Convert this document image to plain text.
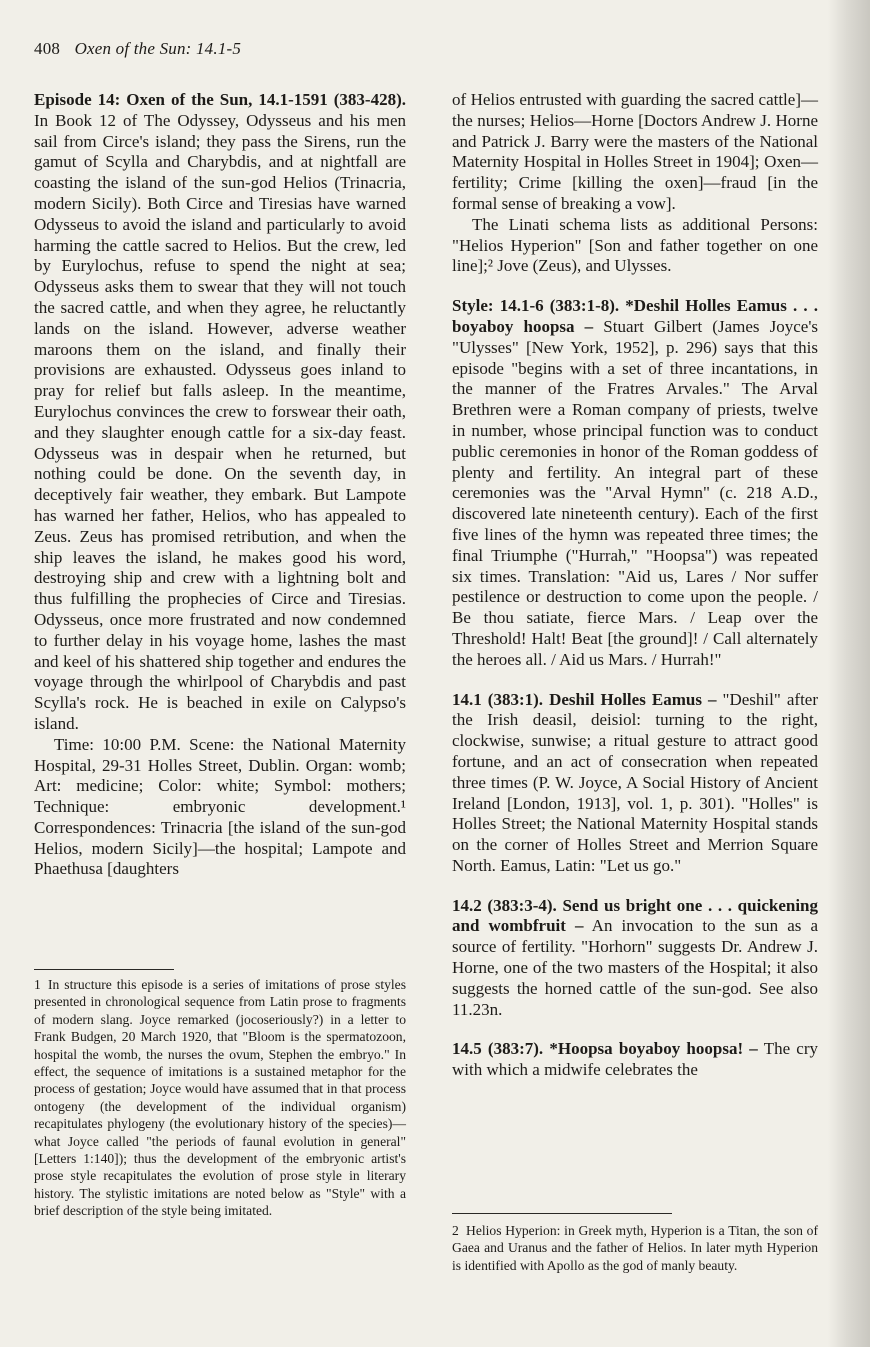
408 Oxen of the Sun: 14.1-5

Episode 14: Oxen of the Sun, 14.1-1591 (383-428). In Book 12 of The Odyssey, Odysseus and his men sail from Circe's island; they pass the Sirens, run the gamut of Scylla and Charybdis, and at nightfall are coasting the island of the sun-god Helios (Trinacria, modern Sicily). Both Circe and Tiresias have warned Odysseus to avoid the island and particularly to avoid harming the cattle sacred to Helios. But the crew, led by Eurylochus, refuse to spend the night at sea; Odysseus asks them to swear that they will not touch the sacred cattle, and when they agree, he reluctantly lands on the island. However, adverse weather maroons them on the island, and finally their provisions are exhausted. Odysseus goes inland to pray for relief but falls asleep. In the meantime, Eurylochus convinces the crew to forswear their oath, and they slaughter enough cattle for a six-day feast. Odysseus was in despair when he returned, but nothing could be done. On the seventh day, in deceptively fair weather, they embark. But Lampote has warned her father, Helios, who has appealed to Zeus. Zeus has promised retribution, and when the ship leaves the island, he makes good his word, destroying ship and crew with a lightning bolt and thus fulfilling the prophecies of Circe and Tiresias. Odysseus, once more frustrated and now condemned to further delay in his voyage home, lashes the mast and keel of his shattered ship together and endures the voyage through the whirlpool of Charybdis and past Scylla's rock. He is beached in exile on Calypso's island.

Time: 10:00 P.M. Scene: the National Maternity Hospital, 29-31 Holles Street, Dublin. Organ: womb; Art: medicine; Color: white; Symbol: mothers; Technique: embryonic development.¹ Correspondences: Trinacria [the island of the sun-god Helios, modern Sicily]—the hospital; Lampote and Phaethusa [daughters

of Helios entrusted with guarding the sacred cattle]—the nurses; Helios—Horne [Doctors Andrew J. Horne and Patrick J. Barry were the masters of the National Maternity Hospital in Holles Street in 1904]; Oxen—fertility; Crime [killing the oxen]—fraud [in the formal sense of breaking a vow].

The Linati schema lists as additional Persons: "Helios Hyperion" [Son and father together on one line];² Jove (Zeus), and Ulysses.

Style: 14.1-6 (383:1-8). *Deshil Holles Eamus . . . boyaboy hoopsa – Stuart Gilbert (James Joyce's "Ulysses" [New York, 1952], p. 296) says that this episode "begins with a set of three incantations, in the manner of the Fratres Arvales." The Arval Brethren were a Roman company of priests, twelve in number, whose principal function was to conduct public ceremonies in honor of the Roman goddess of plenty and fertility. An integral part of these ceremonies was the "Arval Hymn" (c. 218 A.D., discovered late nineteenth century). Each of the first five lines of the hymn was repeated three times; the final Triumphe ("Hurrah," "Hoopsa") was repeated six times. Translation: "Aid us, Lares / Nor suffer pestilence or destruction to come upon the people. / Be thou satiate, fierce Mars. / Leap over the Threshold! Halt! Beat [the ground]! / Call alternately the heroes all. / Aid us Mars. / Hurrah!"

14.1 (383:1). Deshil Holles Eamus – "Deshil" after the Irish deasil, deisiol: turning to the right, clockwise, sunwise; a ritual gesture to attract good fortune, and an act of consecration when repeated three times (P. W. Joyce, A Social History of Ancient Ireland [London, 1913], vol. 1, p. 301). "Holles" is Holles Street; the National Maternity Hospital stands on the corner of Holles Street and Merrion Square North. Eamus, Latin: "Let us go."

14.2 (383:3-4). Send us bright one . . . quickening and wombfruit – An invocation to the sun as a source of fertility. "Horhorn" suggests Dr. Andrew J. Horne, one of the two masters of the Hospital; it also suggests the horned cattle of the sun-god. See also 11.23n.

14.5 (383:7). *Hoopsa boyaboy hoopsa! – The cry with which a midwife celebrates the

1 In structure this episode is a series of imitations of prose styles presented in chronological sequence from Latin prose to fragments of modern slang. Joyce remarked (jocoseriously?) in a letter to Frank Budgen, 20 March 1920, that "Bloom is the spermatozoon, hospital the womb, the nurses the ovum, Stephen the embryo." In effect, the sequence of imitations is a sustained metaphor for the process of gestation; Joyce would have assumed that in that process ontogeny (the development of the individual organism) recapitulates phylogeny (the evolutionary history of the species)—what Joyce called "the periods of faunal evolution in general" [Letters 1:140]); thus the development of the embryonic artist's prose style recapitulates the evolution of prose style in literary history. The stylistic imitations are noted below as "Style" with a brief description of the style being imitated.
2 Helios Hyperion: in Greek myth, Hyperion is a Titan, the son of Gaea and Uranus and the father of Helios. In later myth Hyperion is identified with Apollo as the god of manly beauty.
